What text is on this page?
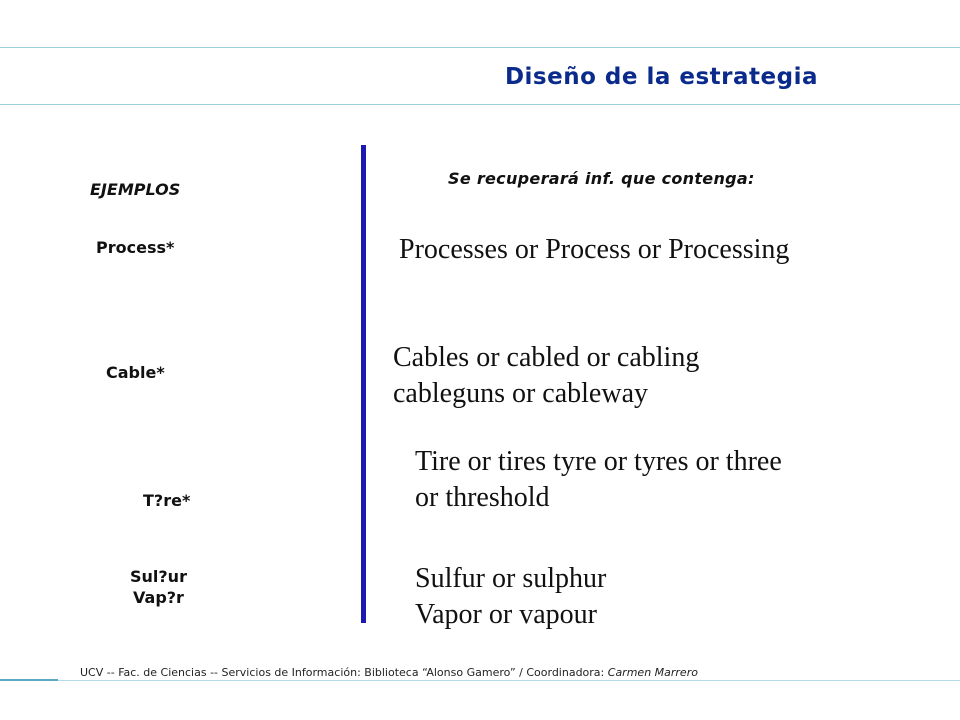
Diseño de la estrategia
EJEMPLOS
Se recuperará inf. que contenga:
Process*	Processes or Process or Processing
Cable*	Cables or cabled or cabling
cableguns or cableway
T?re*
Tire or tires tyre or tyres or three
or threshold
Sul?ur
Vap?r
Sulfur or sulphur
Vapor or vapour
UCV -- Fac. de Ciencias -- Servicios de Información: Biblioteca “Alonso Gamero” / Coordinadora: Carmen Marrero
